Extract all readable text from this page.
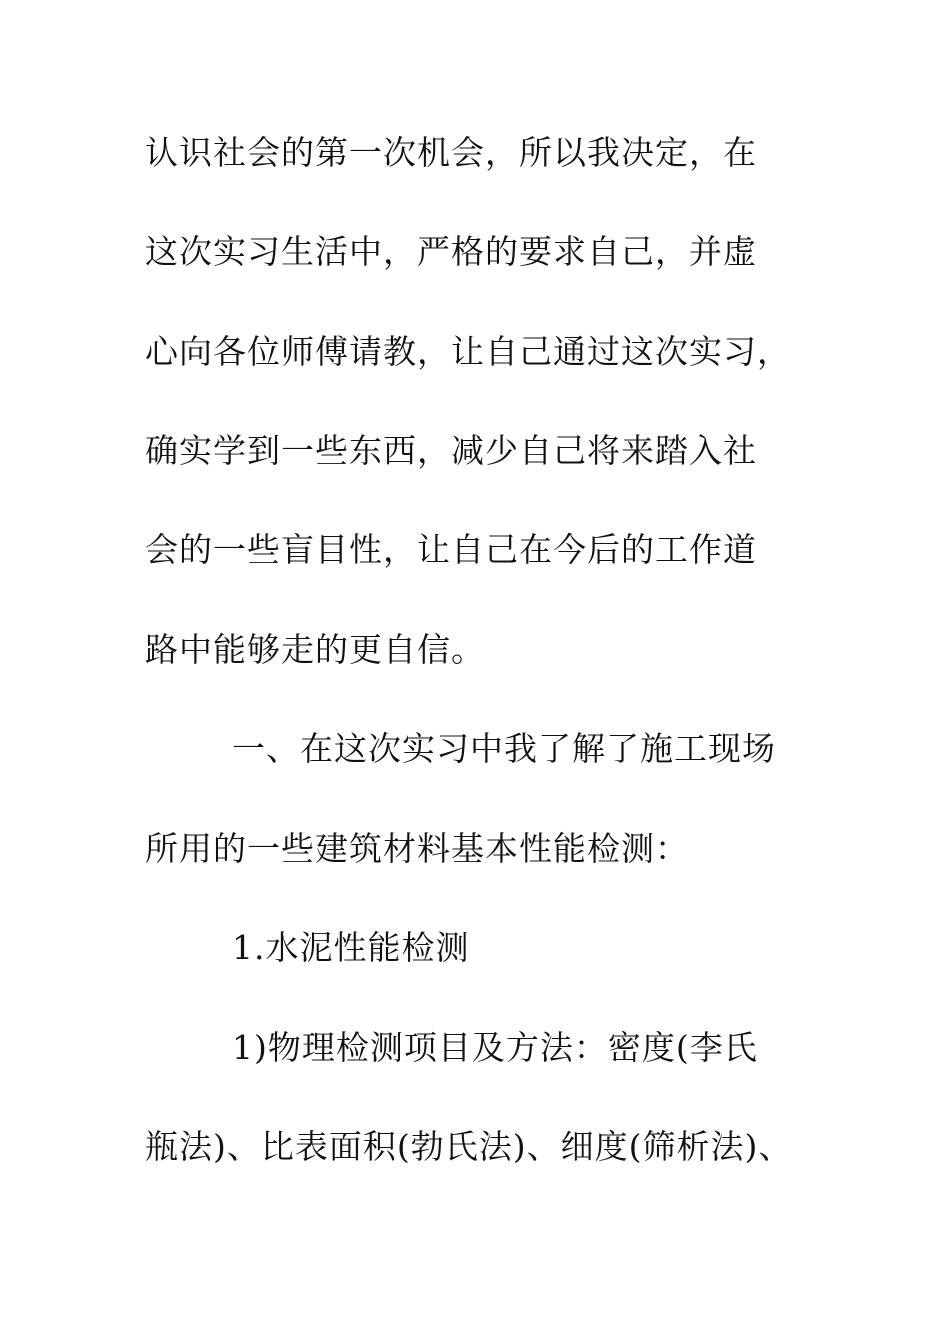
认识社会的第一次机会，所以我决定，在
这次实习生活中，严格的要求自己，并虚
心向各位师傅请教，让自己通过这次实习，
确实学到一些东西，减少自己将来踏入社
会的一些盲目性，让自己在今后的工作道
路中能够走的更自信。
一、在这次实习中我了解了施工现场
所用的一些建筑材料基本性能检测：
1.水泥性能检测
1)物理检测项目及方法：密度(李氏
瓶法)、比表面积(勃氏法)、细度(筛析法)、
